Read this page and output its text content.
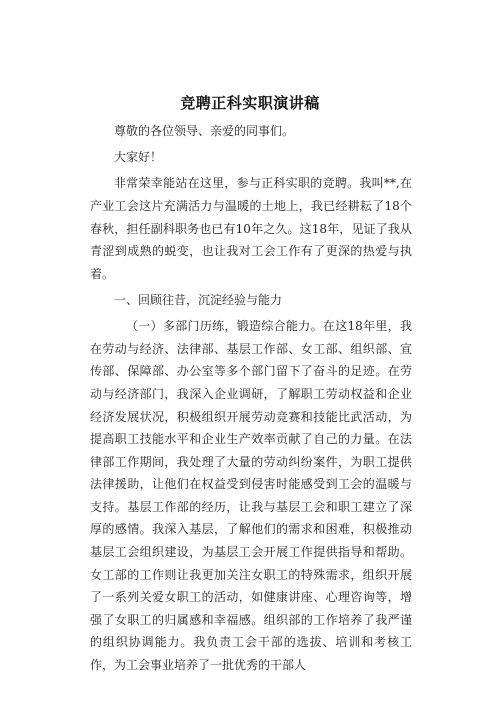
竞聘正科实职演讲稿

尊敬的各位领导、亲爱的同事们。

大家好！

非常荣幸能站在这里，参与正科实职的竞聘。我叫**,在产业工会这片充满活力与温暖的土地上，我已经耕耘了18个春秋，担任副科职务也已有10年之久。这18年，见证了我从青涩到成熟的蜕变，也让我对工会工作有了更深的热爱与执着。

一、回顾往昔，沉淀经验与能力

（一）多部门历练，锻造综合能力。在这18年里，我在劳动与经济、法律部、基层工作部、女工部、组织部、宣传部、保障部、办公室等多个部门留下了奋斗的足迹。在劳动与经济部门，我深入企业调研，了解职工劳动权益和企业经济发展状况，积极组织开展劳动竞赛和技能比武活动，为提高职工技能水平和企业生产效率贡献了自己的力量。在法律部工作期间，我处理了大量的劳动纠纷案件，为职工提供法律援助，让他们在权益受到侵害时能感受到工会的温暖与支持。基层工作部的经历，让我与基层工会和职工建立了深厚的感情。我深入基层，了解他们的需求和困难，积极推动基层工会组织建设，为基层工会开展工作提供指导和帮助。女工部的工作则让我更加关注女职工的特殊需求，组织开展了一系列关爱女职工的活动，如健康讲座、心理咨询等，增强了女职工的归属感和幸福感。组织部的工作培养了我严谨的组织协调能力。我负责工会干部的选拔、培训和考核工作，为工会事业培养了一批优秀的干部人
